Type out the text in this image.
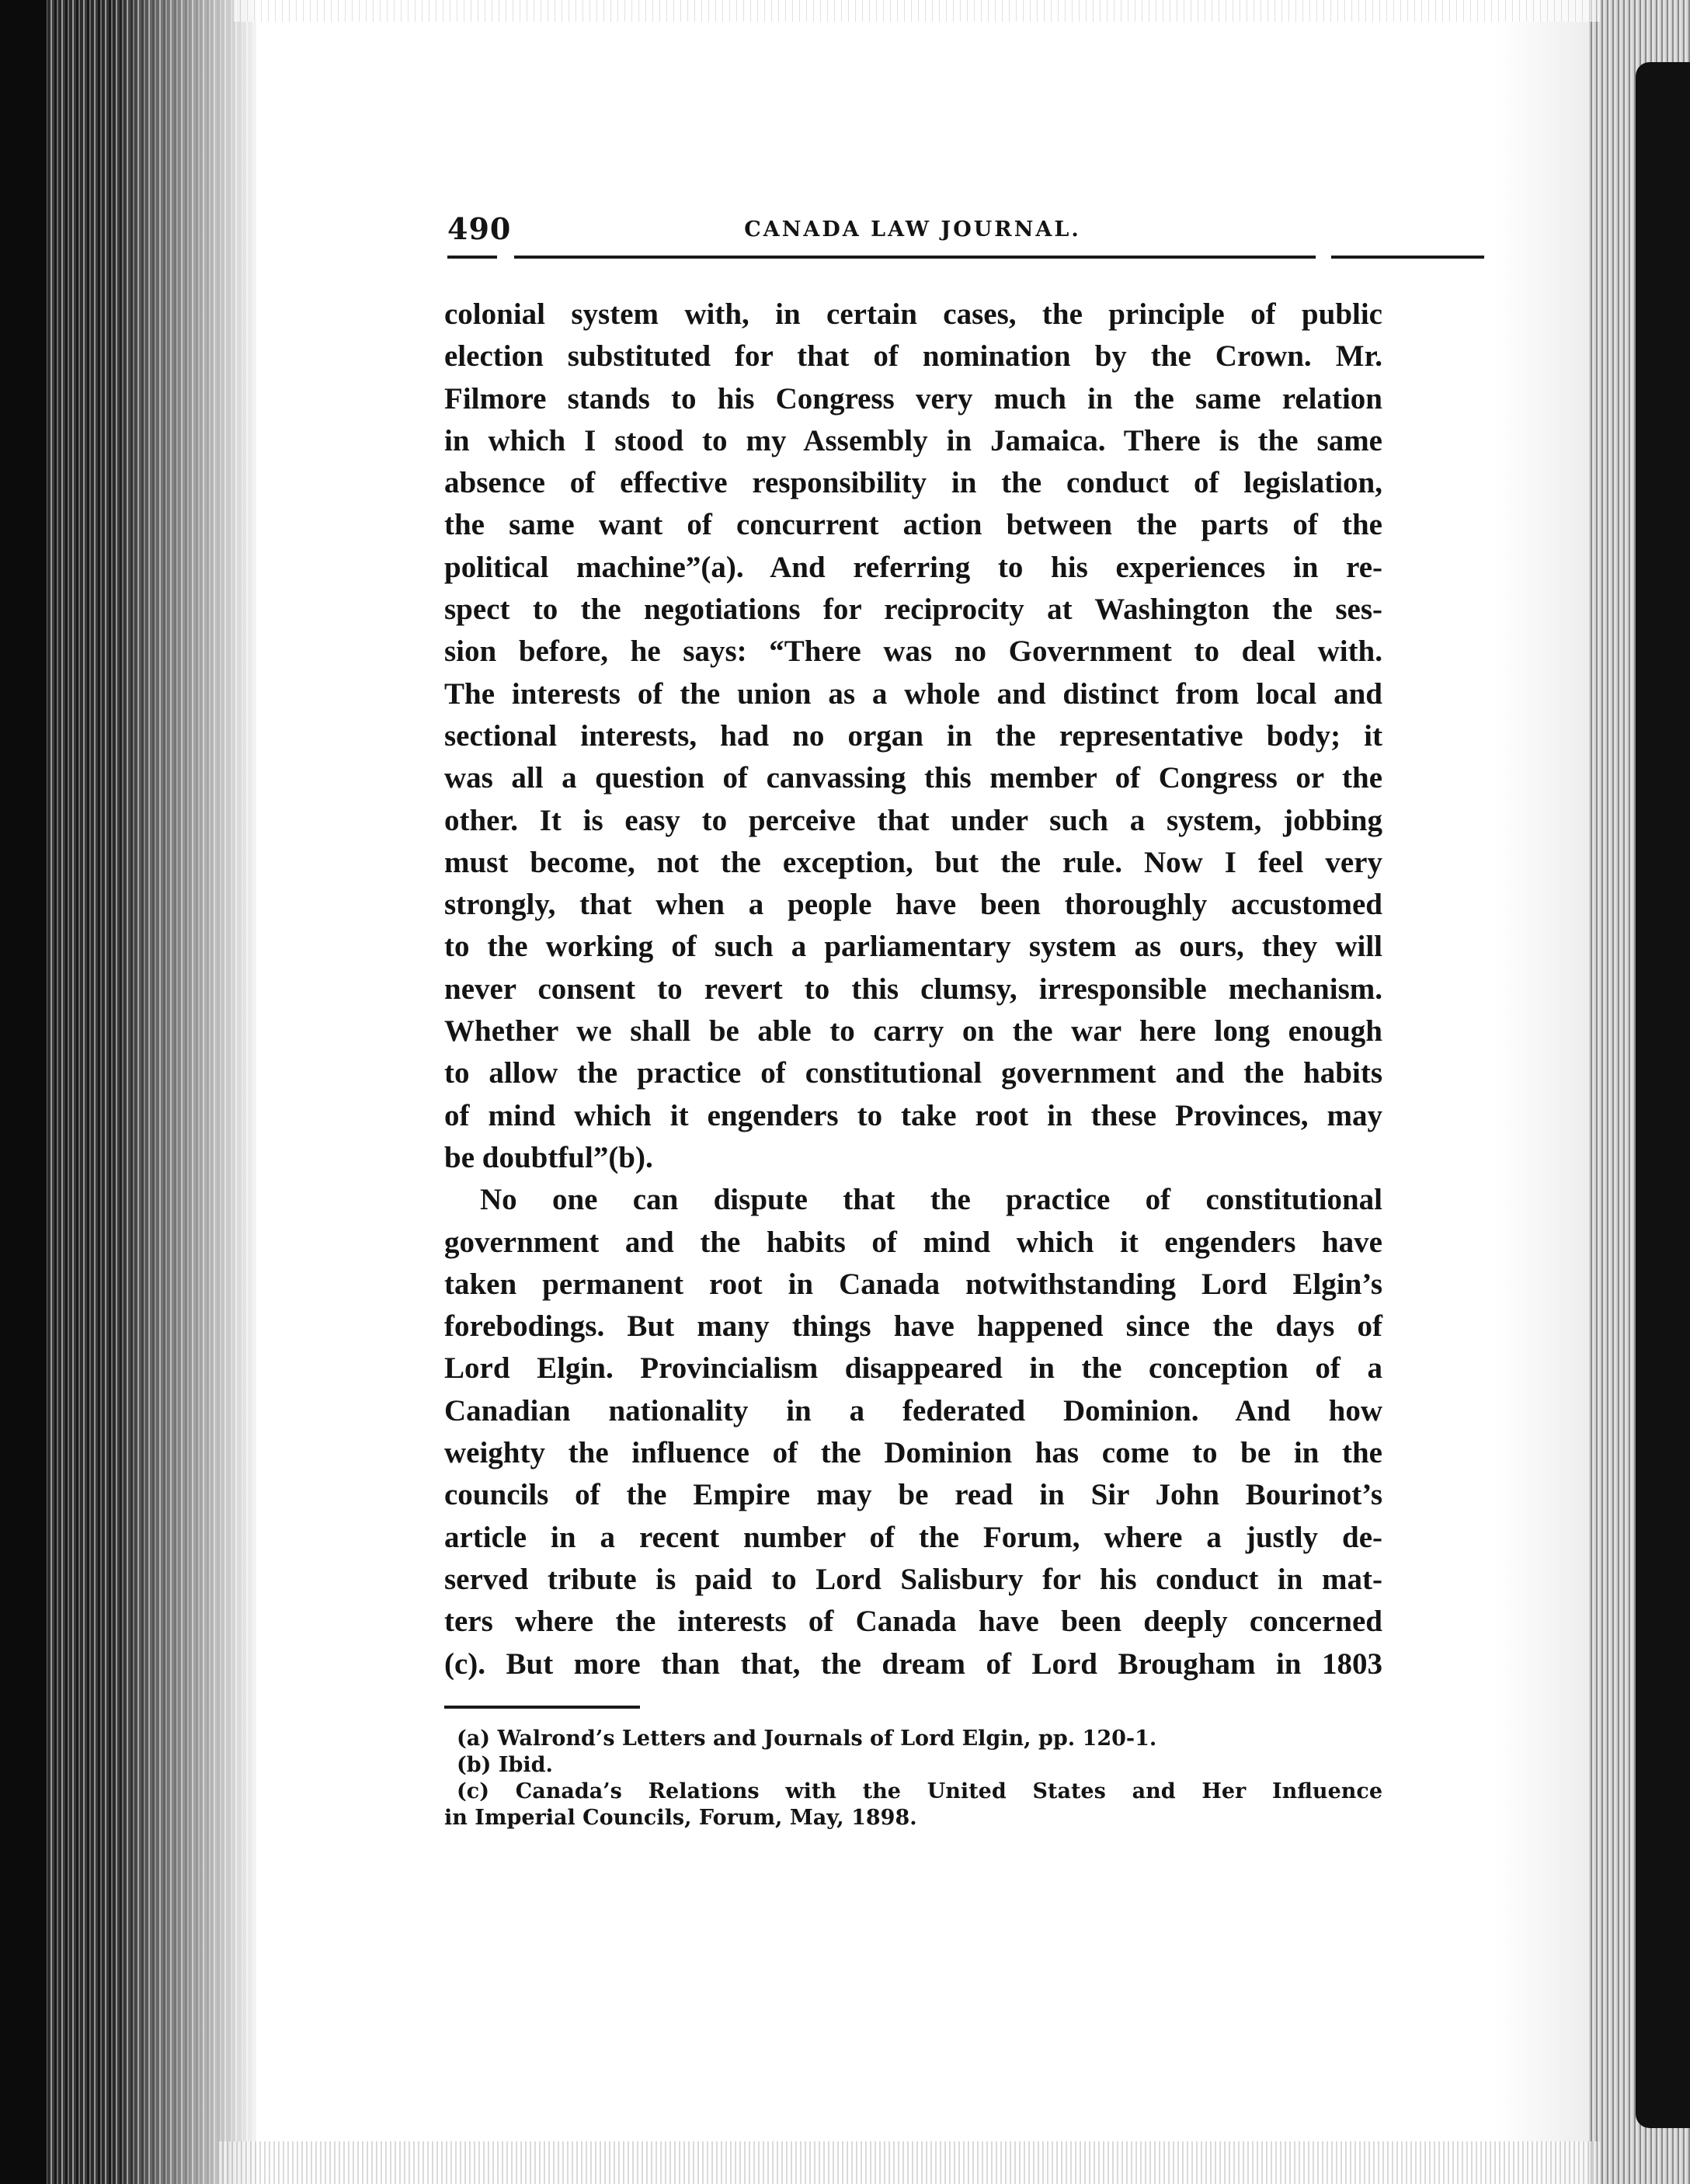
490	CANADA LAW JOURNAL.

colonial system with, in certain cases, the principle of public

election substituted for that of nomination by the Crown. Mr.

Filmore stands to his Congress very much in the same relation

in which I stood to my Assembly in Jamaica. There is the same

absence of effective responsibility in the conduct of legislation,

the same want of concurrent action between the parts of the

political machine”(a). And referring to his experiences in re-

spect to the negotiations for reciprocity at Washington the ses-

sion before, he says: “There was no Government to deal with.

The interests of the union as a whole and distinct from local and

sectional interests, had no organ in the representative body; it

was all a question of canvassing this member of Congress or the

other. It is easy to perceive that under such a system, jobbing

must become, not the exception, but the rule. Now I feel very

strongly, that when a people have been thoroughly accustomed

to the working of such a parliamentary system as ours, they will

never consent to revert to this clumsy, irresponsible mechanism.

Whether we shall be able to carry on the war here long enough

to allow the practice of constitutional government and the habits

of mind which it engenders to take root in these Provinces, may

be doubtful”(b).

No one can dispute that the practice of constitutional

government and the habits of mind which it engenders have

taken permanent root in Canada notwithstanding Lord Elgin’s

forebodings. But many things have happened since the days of

Lord Elgin. Provincialism disappeared in the conception of a

Canadian nationality in a federated Dominion. And how

weighty the influence of the Dominion has come to be in the

councils of the Empire may be read in Sir John Bourinot’s

article in a recent number of the Forum, where a justly de-

served tribute is paid to Lord Salisbury for his conduct in mat-

ters where the interests of Canada have been deeply concerned

(c). But more than that, the dream of Lord Brougham in 1803

(a) Walrond’s Letters and Journals of Lord Elgin, pp. 120-1.

(b) Ibid.

(c) Canada’s Relations with the United States and Her Influence

in Imperial Councils, Forum, May, 1898.
